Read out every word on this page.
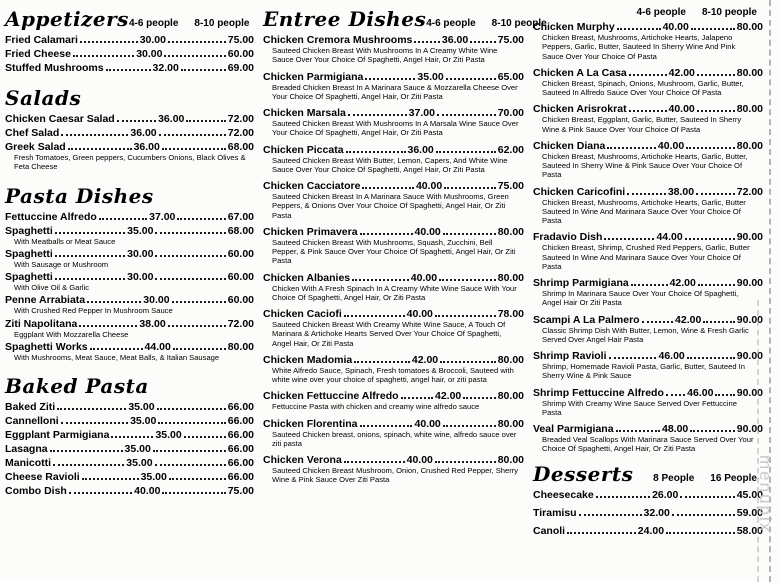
Appetizers 4-6 people 8-10 people
Fried Calamari	30.00	75.00
Fried Cheese	30.00	60.00
Stuffed Mushrooms	32.00	69.00
Salads
Chicken Caesar Salad	36.00	72.00
Chef Salad	36.00	72.00
Greek Salad	36.00	68.00
Fresh Tomatoes, Green peppers, Cucumbers Onions, Black Olives & Feta Cheese
Pasta Dishes
Fettuccine Alfredo	37.00	67.00
Spaghetti	35.00	68.00
With Meatballs or Meat Sauce
Spaghetti	30.00	60.00
With Sausage or Mushroom
Spaghetti	30.00	60.00
With Olive Oil & Garlic
Penne Arrabiata	30.00	60.00
With Crushed Red Pepper In Mushroom Sauce
Ziti Napolitana	38.00	72.00
Eggplant With Mozzarella Cheese
Spaghetti Works	44.00	80.00
With Mushrooms, Meat Sauce, Meat Balls, & Italian Sausage
Baked Pasta
Baked Ziti	35.00	66.00
Cannelloni	35.00	66.00
Eggplant Parmigiana	35.00	66.00
Lasagna	35.00	66.00
Manicotti	35.00	66.00
Cheese Ravioli	35.00	66.00
Combo Dish	40.00	75.00
Entree Dishes 4-6 people 8-10 people
Chicken Cremora Mushrooms	36.00	75.00
Sauteed Chicken Breast With Mushrooms In A Creamy White Wine Sauce Over Your Choice Of Spaghetti, Angel Hair, Or Ziti Pasta
Chicken Parmigiana	35.00	65.00
Breaded Chicken Breast In A Marinara Sauce & Mozzarella Cheese Over Your Choice Of Spaghetti, Angel Hair, Or Ziti Pasta
Chicken Marsala	37.00	70.00
Sauteed Chicken Breast With Mushrooms In A Marsala Wine Sauce Over Your Choice Of Spaghetti, Angel Hair, Or Ziti Pasta
Chicken Piccata	36.00	62.00
Sauteed Chicken Breast With Butter, Lemon, Capers, And White Wine Sauce Over Your Choice Of Spaghetti, Angel Hair, Or Ziti Pasta
Chicken Cacciatore	40.00	75.00
Sauteed Chicken Breast In A Marinara Sauce With Mushrooms, Green Peppers, & Onions Over Your Choice Of Spaghetti, Angel Hair, Or Ziti Pasta
Chicken Primavera	40.00	80.00
Sauteed Chicken Breast With Mushrooms, Squash, Zucchini, Bell Pepper, & Pink Sauce Over Your Choice Of Spaghetti, Angel Hair, Or Ziti Pasta
Chicken Albanies	40.00	80.00
Chicken With A Fresh Spinach In A Creamy White Wine Sauce With Your Choice Of Spaghetti, Angel Hair, Or Ziti Pasta
Chicken Caciofi	40.00	78.00
Sauteed Chicken Breast With Creamy White Wine Sauce, A Touch Of Marinara & Artichoke Hearts Served Over Your Choice Of Spaghetti, Angel Hair, Or Ziti Pasta
Chicken Madomia	42.00	80.00
White Alfredo Sauce, Spinach, Fresh tomatoes & Broccoli, Sauteed with white wine over your choice of spaghetti, angel hair, or ziti pasta
Chicken Fettuccine Alfredo	42.00	80.00
Fettuccine Pasta with chicken and creamy wine alfredo sauce
Chicken Florentina	40.00	80.00
Sauteed Chicken breast, onions, spinach, white wine, alfredo sauce over ziti pasta
Chicken Verona	40.00	80.00
Sauteed Chicken Breast Mushroom, Onion, Crushed Red Pepper, Sherry Wine & Pink Sauce Over Ziti Pasta
4-6 people 8-10 people
Chicken Murphy	40.00	80.00
Chicken Breast, Mushrooms, Artichoke Hearts, Jalapeno Peppers, Garlic, Butter, Sauteed In Sherry Wine And Pink Sauce Over Your Choice Of Pasta
Chicken A La Casa	42.00	80.00
Chicken Breast, Spinach, Onions, Mushroom, Garlic, Butter, Sauteed In Alfredo Sauce Over Your Choice Of Pasta
Chicken Arisrokrat	40.00	80.00
Chicken Breast, Eggplant, Garlic, Butter, Sauteed In Sherry Wine & Pink Sauce Over Your Choice Of Pasta
Chicken Diana	40.00	80.00
Chicken Breast, Mushrooms, Artichoke Hearts, Garlic, Butter, Sauteed In Sherry Wine & Pink Sauce Over Your Choice Of Pasta
Chicken Caricofini	38.00	72.00
Chicken Breast, Mushrooms, Artichoke Hearts, Garlic, Butter Sauteed In Wine And Marinara Sauce Over Your Choice Of Pasta
Fradavio Dish	44.00	90.00
Chicken Breast, Shrimp, Crushed Red Peppers, Garlic, Butter Sauteed In Wine And Marinara Sauce Over Your Choice Of Pasta
Shrimp Parmigiana	42.00	90.00
Shrimp In Marinara Sauce Over Your Choice Of Spaghetti, Angel Hair Or Ziti Pasta
Scampi A La Palmero	42.00	90.00
Classic Shrimp Dish With Butter, Lemon, Wine & Fresh Garlic Served Over Angel Hair Pasta
Shrimp Ravioli	46.00	90.00
Shrimp, Homemade Ravioli Pasta, Garlic, Butter, Sauteed In Sherry Wine & Pink Sauce
Shrimp Fettuccine Alfredo 46.00 90.00
Shrimp With Creamy Wine Sauce Served Over Fettuccine Pasta
Veal Parmigiana	48.00	90.00
Breaded Veal Scallops With Marinara Sauce Served Over Your Choice Of Spaghetti, Angel Hair, Or Ziti Pasta
Desserts 8 People 16 People
Cheesecake	26.00	45.00
Tiramisu	32.00	59.00
Canoli	24.00	58.00
menupix
